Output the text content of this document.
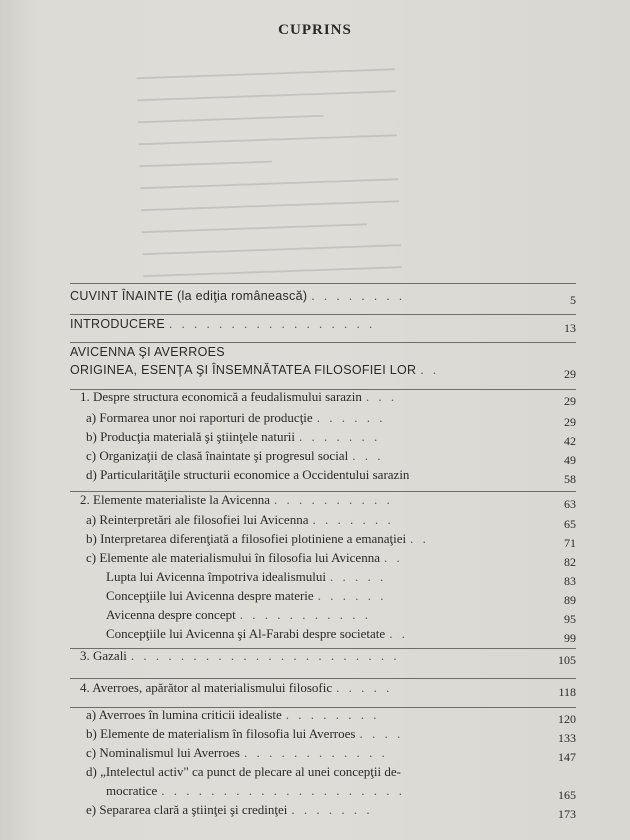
━━━━━━━━━━━━━━━━━━━━━━━━━━━━━━━━━━━━━━━
━━━━━━━━━━━━━━━━━━━━━━━━━━━━━━━━━━━━━━━
━━━━━━━━━━━━━━━━━━━━━━━━━━━━
━━━━━━━━━━━━━━━━━━━━━━━━━━━━━━━━━━━━━━━
━━━━━━━━━━━━━━━━━━━━
━━━━━━━━━━━━━━━━━━━━━━━━━━━━━━━━━━━━━━━
━━━━━━━━━━━━━━━━━━━━━━━━━━━━━━━━━━━━━━━
━━━━━━━━━━━━━━━━━━━━━━━━━━━━━━━━━━
━━━━━━━━━━━━━━━━━━━━━━━━━━━━━━━━━━━━━━━
━━━━━━━━━━━━━━━━━━━━━━━━━━━━━━━━━━━━━━━
CUPRINS
CUVINT ÎNAINTE (la ediţia românească) . . . . . . . .	5
INTRODUCERE . . . . . . . . . . . . . . . . .	13
AVICENNA ŞI AVERROES
ORIGINEA, ESENŢA ŞI ÎNSEMNĂTATEA FILOSOFIEI LOR . .	29
1. Despre structura economică a feudalismului sarazin . . .	29
a) Formarea unor noi raporturi de producţie . . . . . .	29
b) Producţia materială şi ştiinţele naturii . . . . . . .	42
c) Organizaţii de clasă înaintate şi progresul social . . .	49
d) Particularităţile structurii economice a Occidentului sarazin	58
2. Elemente materialiste la Avicenna . . . . . . . . . .	63
a) Reinterpretări ale filosofiei lui Avicenna . . . . . . .	65
b) Interpretarea diferenţiată a filosofiei plotiniene a emanaţiei . .	71
c) Elemente ale materialismului în filosofia lui Avicenna . .	82
Lupta lui Avicenna împotriva idealismului . . . . .	83
Concepţiile lui Avicenna despre materie . . . . . .	89
Avicenna despre concept . . . . . . . . . . .	95
Concepţiile lui Avicenna şi Al-Farabi despre societate . .	99
3. Gazali . . . . . . . . . . . . . . . . . . . . . .	105
4. Averroes, apărător al materialismului filosofic . . . . .	118
a) Averroes în lumina criticii idealiste . . . . . . . .	120
b) Elemente de materialism în filosofia lui Averroes . . . .	133
c) Nominalismul lui Averroes . . . . . . . . . . . .	147
d) „Intelectul activ" ca punct de plecare al unei concepţii de-
mocratice . . . . . . . . . . . . . . . . . . . .	165
e) Separarea clară a ştiinţei şi credinţei . . . . . . .	173
